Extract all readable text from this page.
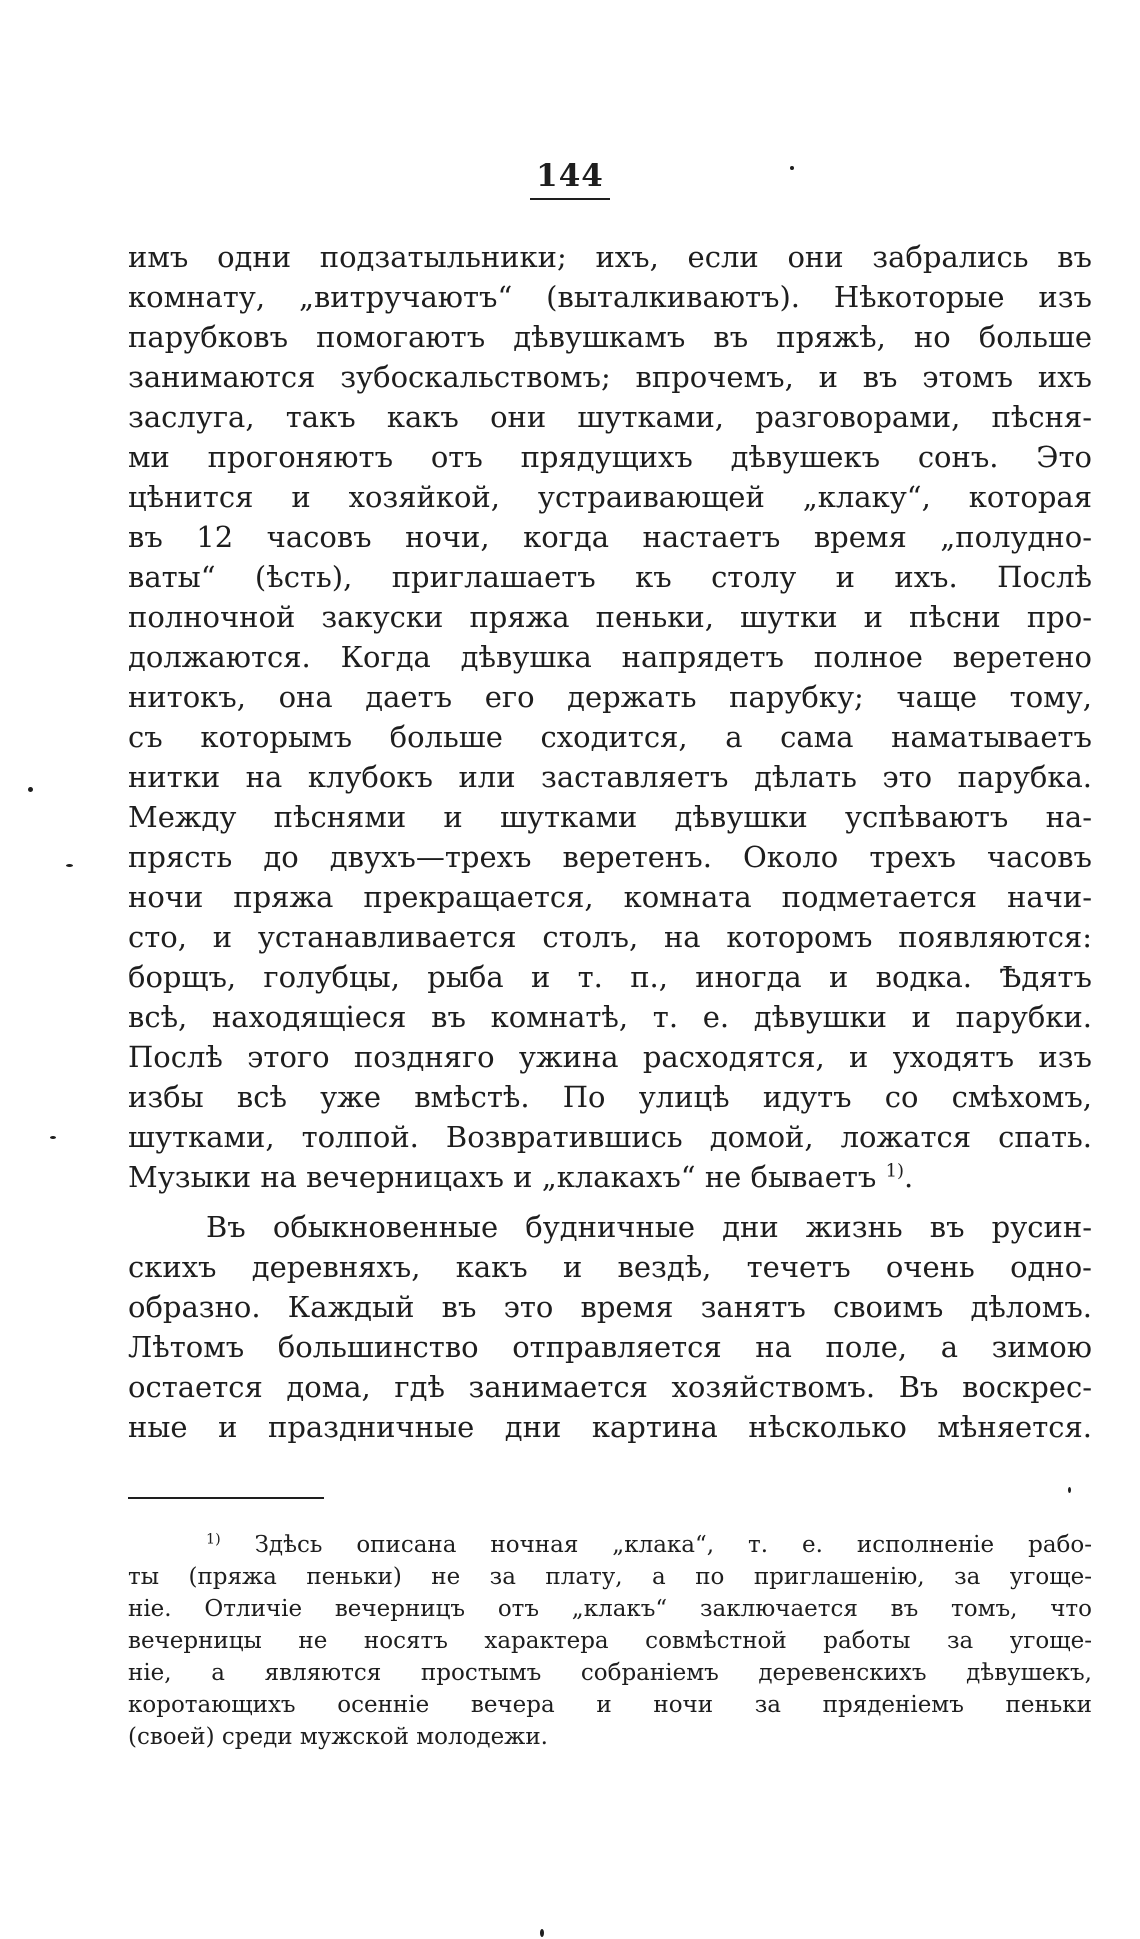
144
имъ одни подзатыльники; ихъ, если они забрались въ
комнату, „витручаютъ“ (выталкиваютъ). Нѣкоторые изъ
парубковъ помогаютъ дѣвушкамъ въ пряжѣ, но больше
занимаются зубоскальствомъ; впрочемъ, и въ этомъ ихъ
заслуга, такъ какъ они шутками, разговорами, пѣсня-
ми прогоняютъ отъ прядущихъ дѣвушекъ сонъ. Это
цѣнится и хозяйкой, устраивающей „клаку“, которая
въ 12 часовъ ночи, когда настаетъ время „полудно-
ваты“ (ѣсть), приглашаетъ къ столу и ихъ. Послѣ
полночной закуски пряжа пеньки, шутки и пѣсни про-
должаются. Когда дѣвушка напрядетъ полное веретено
нитокъ, она даетъ его держать парубку; чаще тому,
съ которымъ больше сходится, а сама наматываетъ
нитки на клубокъ или заставляетъ дѣлать это парубка.
Между пѣснями и шутками дѣвушки успѣваютъ на-
прясть до двухъ—трехъ веретенъ. Около трехъ часовъ
ночи пряжа прекращается, комната подметается начи-
сто, и устанавливается столъ, на которомъ появляются:
борщъ, голубцы, рыба и т. п., иногда и водка. Ѣдятъ
всѣ, находящіеся въ комнатѣ, т. е. дѣвушки и парубки.
Послѣ этого поздняго ужина расходятся, и уходятъ изъ
избы всѣ уже вмѣстѣ. По улицѣ идутъ со смѣхомъ,
шутками, толпой. Возвратившись домой, ложатся спать.
Музыки на вечерницахъ и „клакахъ“ не бываетъ $^{1)}$.
Въ обыкновенные будничные дни жизнь въ русин-
скихъ деревняхъ, какъ и вездѣ, течетъ очень одно-
образно. Каждый въ это время занятъ своимъ дѣломъ.
Лѣтомъ большинство отправляется на поле, а зимою
остается дома, гдѣ занимается хозяйствомъ. Въ воскрес-
ные и праздничные дни картина нѣсколько мѣняется.
$^{1)}$ Здѣсь описана ночная „клака“, т. е. исполненіе рабо-
ты (пряжа пеньки) не за плату, а по приглашенію, за угоще-
ніе. Отличіе вечерницъ отъ „клакъ“ заключается въ томъ, что
вечерницы не носятъ характера совмѣстной работы за угоще-
ніе, а являются простымъ собраніемъ деревенскихъ дѣвушекъ,
коротающихъ осенніе вечера и ночи за пряденіемъ пеньки
(своей) среди мужской молодежи.
